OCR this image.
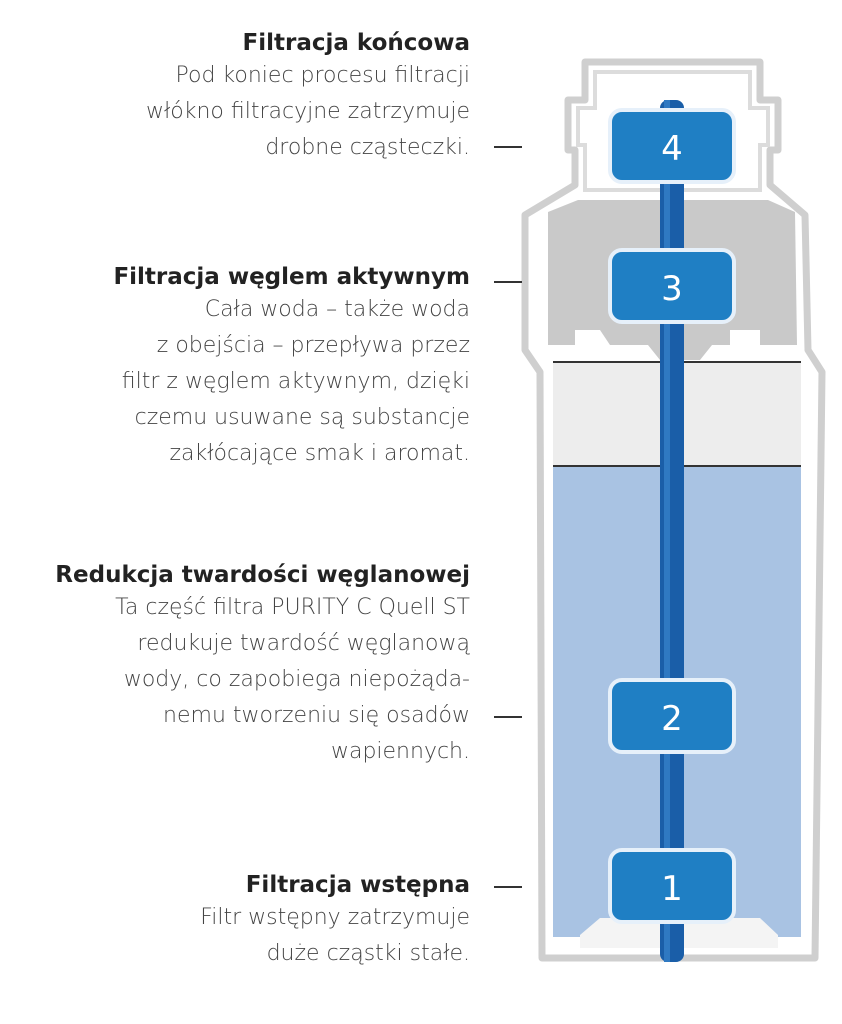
4
3
2
1
Filtracja końcowa
Pod koniec procesu filtracji
włókno filtracyjne zatrzymuje
drobne cząsteczki.
Filtracja węglem aktywnym
Cała woda – także woda
z obejścia – przepływa przez
filtr z węglem aktywnym, dzięki
czemu usuwane są substancje
zakłócające smak i aromat.
Redukcja twardości węglanowej
Ta część filtra PURITY C Quell ST
redukuje twardość węglanową
wody, co zapobiega niepożąda-
nemu tworzeniu się osadów
wapiennych.
Filtracja wstępna
Filtr wstępny zatrzymuje
duże cząstki stałe.
